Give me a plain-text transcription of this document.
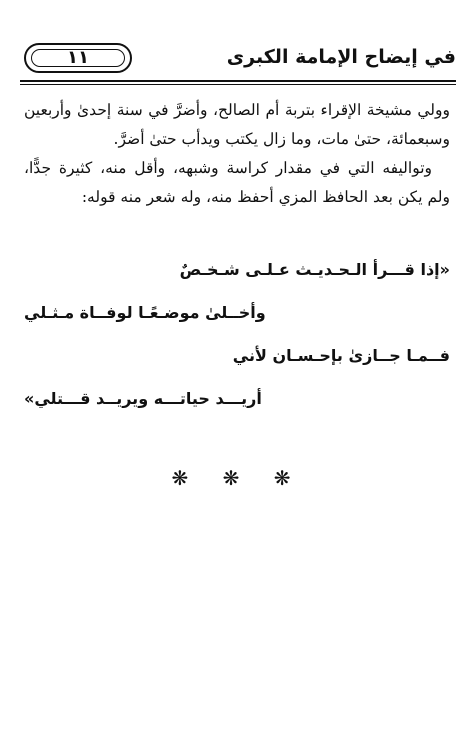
في إيضاح الإمامة الكبرى
١١

وولي مشيخة الإقراء بتربة أم الصالح، وأضرَّ في سنة إحدىٰ وأربعين وسبعمائة، حتىٰ مات، وما زال يكتب ويدأب حتىٰ أضرَّ.

وتواليفه التي في مقدار كراسة وشبهه، وأقل منه، كثيرة جدًّا، ولم يكن بعد الحافظ المزي أحفظ منه، وله شعر منه قوله:

«إذا قـــرأ الـحـديـث عـلـى شـخـصٌ
وأخــلىٰ موضـعًـا لوفــاة مـثـلي
فــمـا جــازىٰ بإحـسـان لأني
أريـــد حياتـــه ويريــد قـــتلي»
❋ ❋ ❋
